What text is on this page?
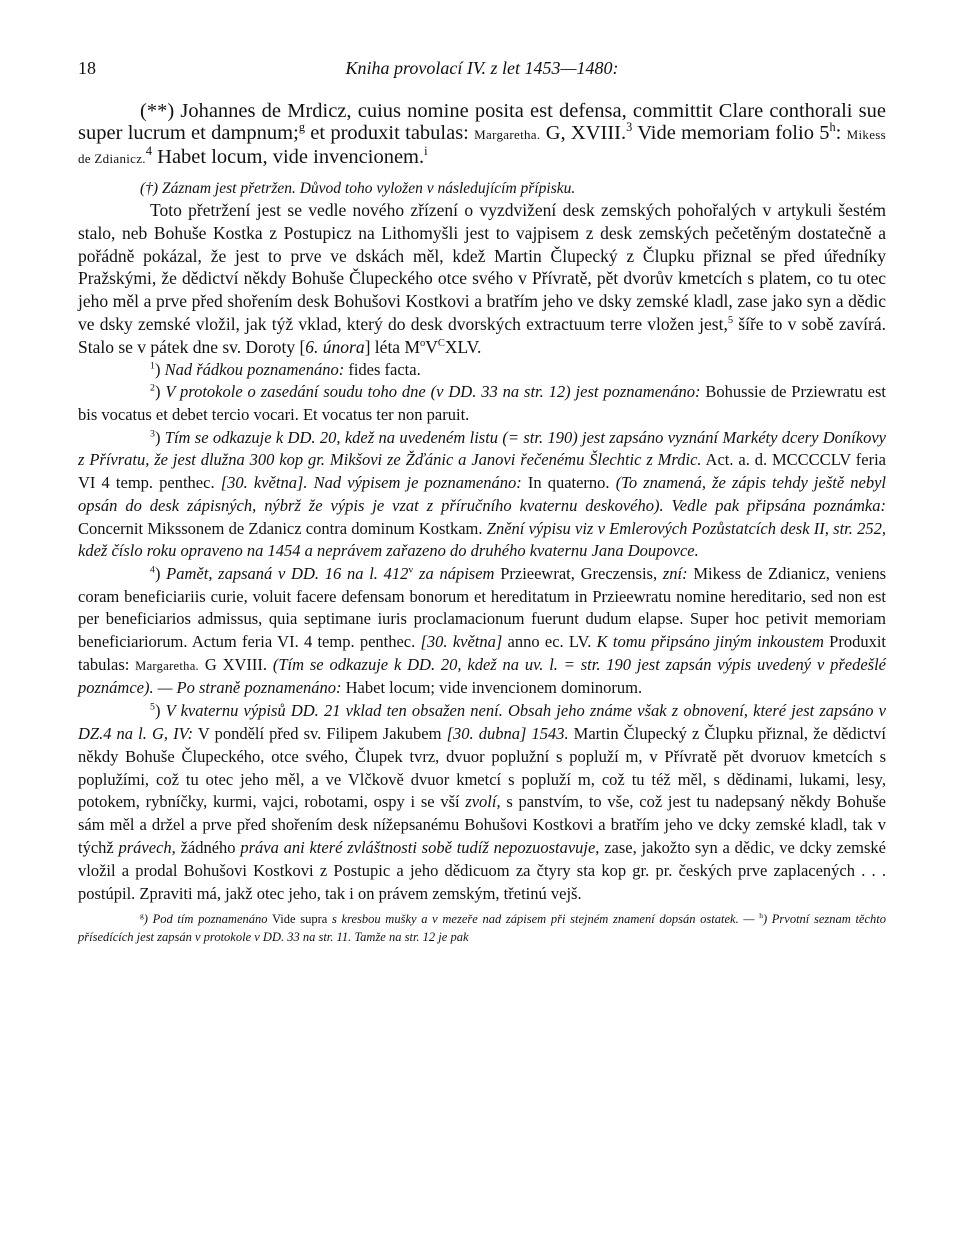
18	Kniha provolací IV. z let 1453—1480:

(**) Johannes de Mrdicz, cuius nomine posita est defensa, committit Clare conthorali sue super lucrum et dampnum;$^g$ et produxit tabulas: Margaretha. G, XVIII.$^3$ Vide memoriam folio 5$^h$: Mikess de Zdianicz.$^4$ Habet locum, vide invencionem.$^i$

(†) Záznam jest přetržen. Důvod toho vyložen v následujícím přípisku.

Toto přetržení jest se vedle nového zřízení o vyzdvižení desk zemských pohořalých v artykuli šestém stalo, neb Bohuše Kostka z Postupicz na Lithomyšli jest to vajpisem z desk zemských pečetěným dostatečně a pořádně pokázal, že jest to prve ve dskách měl, kdež Martin Člupecký z Člupku přiznal se před úředníky Pražskými, že dědictví někdy Bohuše Člupeckého otce svého v Přívratě, pět dvorův kmetcích s platem, co tu otec jeho měl a prve před shořením desk Bohušovi Kostkovi a bratřím jeho ve dsky zemské kladl, zase jako syn a dědic ve dsky zemské vložil, jak týž vklad, který do desk dvorských extractuum terre vložen jest,$^5$ šíře to v sobě zavírá. Stalo se v pátek dne sv. Doroty [6. února] léta $M^oV^CXLV$.

$^1$) Nad řádkou poznamenáno: fides facta.

$^2$) V protokole o zasedání soudu toho dne (v DD. 33 na str. 12) jest poznamenáno: Bohussie de Prziewratu est bis vocatus et debet tercio vocari. Et vocatus ter non paruit.

$^3$) Tím se odkazuje k DD. 20, kdež na uvedeném listu (= str. 190) jest zapsáno vyznání Markéty dcery Doníkovy z Přívratu, že jest dlužna 300 kop gr. Mikšovi ze Žďánic a Janovi řečenému Šlechtic z Mrdic. Act. a. d. MCCCCLV feria VI 4 temp. penthec. [30. května]. Nad výpisem je poznamenáno: In quaterno. (To znamená, že zápis tehdy ještě nebyl opsán do desk zápisných, nýbrž že výpis je vzat z příručního kvaternu deskového). Vedle pak připsána poznámka: Concernit Mikssonem de Zdanicz contra dominum Kostkam. Znění výpisu viz v Emlerových Pozůstatcích desk II, str. 252, kdež číslo roku opraveno na 1454 a neprávem zařazeno do druhého kvaternu Jana Doupovce.

$^4$) Pamět, zapsaná v DD. 16 na l. 412$^v$ za nápisem Przieewrat, Greczensis, zní: Mikess de Zdianicz, veniens coram beneficiariis curie, voluit facere defensam bonorum et hereditatum in Przieewratu nomine hereditario, sed non est per beneficiarios admissus, quia septimane iuris proclamacionum fuerunt dudum elapse. Super hoc petivit memoriam beneficiariorum. Actum feria VI. 4 temp. penthec. [30. května] anno ec. LV. K tomu připsáno jiným inkoustem Produxit tabulas: Margaretha. G XVIII. (Tím se odkazuje k DD. 20, kdež na uv. l. = str. 190 jest zapsán výpis uvedený v předešlé poznámce). — Po straně poznamenáno: Habet locum; vide invencionem dominorum.

$^5$) V kvaternu výpisů DD. 21 vklad ten obsažen není. Obsah jeho známe však z obnovení, které jest zapsáno v DZ.4 na l. G, IV: V pondělí před sv. Filipem Jakubem [30. dubna] 1543. Martin Člupecký z Člupku přiznal, že dědictví někdy Bohuše Člupeckého, otce svého, Člupek tvrz, dvuor poplužní s popluží m, v Přívratě pět dvoruov kmetcích s poplužími, což tu otec jeho měl, a ve Vlčkově dvuor kmetcí s popluží m, což tu též měl, s dědinami, lukami, lesy, potokem, rybníčky, kurmi, vajci, robotami, ospy i se vší zvolí, s panstvím, to vše, což jest tu nadepsaný někdy Bohuše sám měl a držel a prve před shořením desk nížepsanému Bohušovi Kostkovi a bratřím jeho ve dcky zemské kladl, tak v týchž právech, žádného práva ani které zvláštnosti sobě tudíž nepozuostavuje, zase, jakožto syn a dědic, ve dcky zemské vložil a prodal Bohušovi Kostkovi z Postupic a jeho dědicuom za čtyry sta kop gr. pr. českých prve zaplacených . . . postúpil. Zpraviti má, jakž otec jeho, tak i on právem zemským, třetinú vejš.

$^g$) Pod tím poznamenáno Vide supra s kresbou mušky a v mezeře nad zápisem při stejném znamení dopsán ostatek. — $^h$) Prvotní seznam těchto přísedících jest zapsán v protokole v DD. 33 na str. 11. Tamže na str. 12 je pak
